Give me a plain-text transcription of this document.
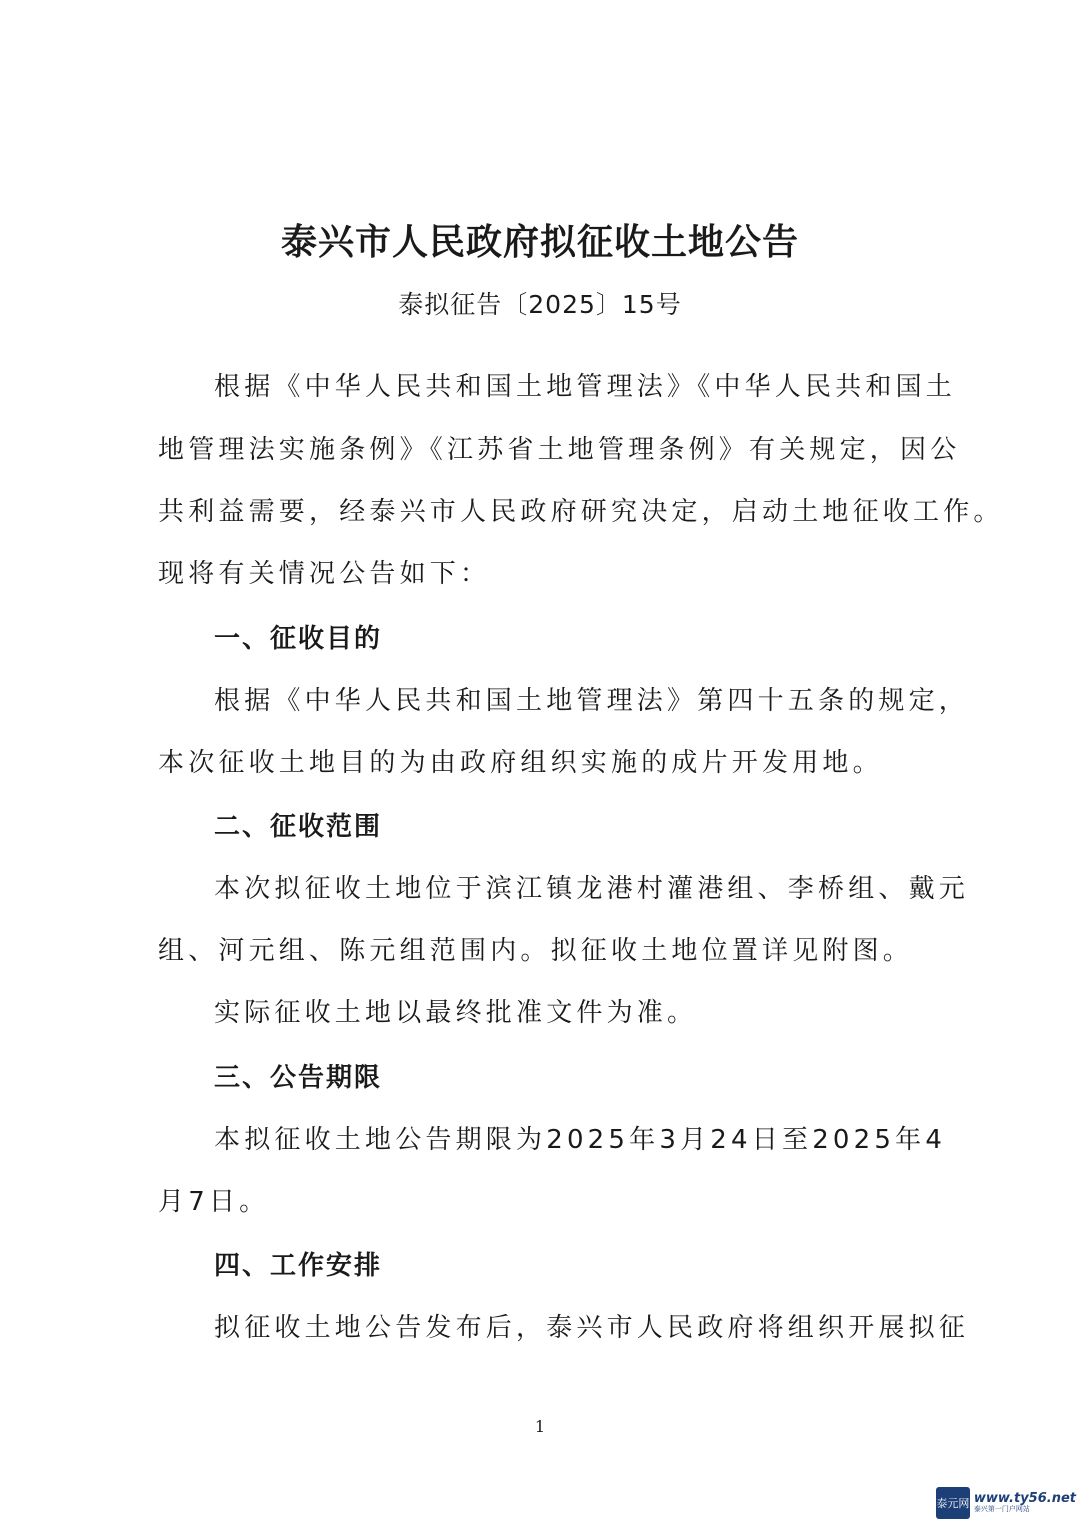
泰兴市人民政府拟征收土地公告
泰拟征告〔2025〕15号
根据《中华人民共和国土地管理法》《中华人民共和国土
地管理法实施条例》《江苏省土地管理条例》有关规定，因公
共利益需要，经泰兴市人民政府研究决定，启动土地征收工作。
现将有关情况公告如下：
一、征收目的
根据《中华人民共和国土地管理法》第四十五条的规定，
本次征收土地目的为由政府组织实施的成片开发用地。
二、征收范围
本次拟征收土地位于滨江镇龙港村灌港组、李桥组、戴元
组、河元组、陈元组范围内。拟征收土地位置详见附图。
实际征收土地以最终批准文件为准。
三、公告期限
本拟征收土地公告期限为2025年3月24日至2025年4
月7日。
四、工作安排
拟征收土地公告发布后，泰兴市人民政府将组织开展拟征
1
泰元网 www.ty56.net
泰兴第一门户网站
